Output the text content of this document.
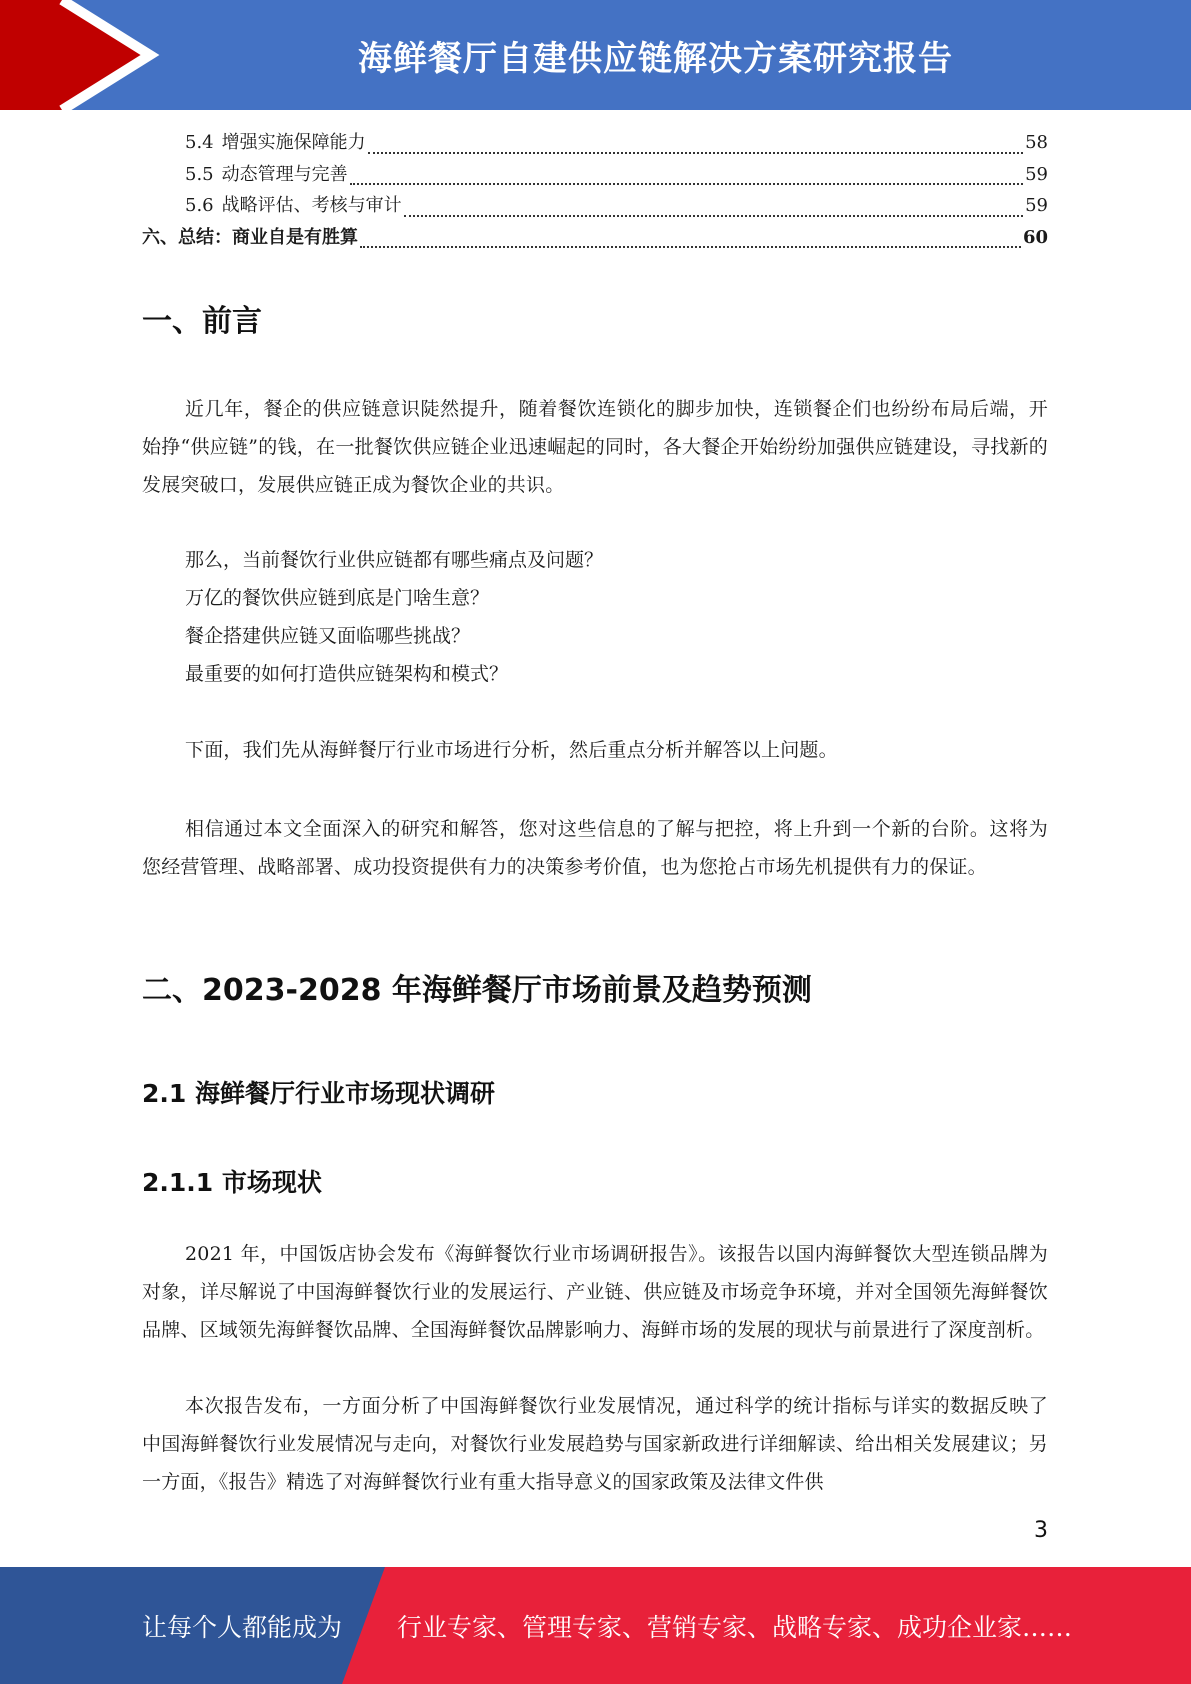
海鲜餐厅自建供应链解决方案研究报告
5.4 增强实施保障能力	58
5.5 动态管理与完善	59
5.6 战略评估、考核与审计	59
六、总结：商业自是有胜算	60
一、前言
近几年，餐企的供应链意识陡然提升，随着餐饮连锁化的脚步加快，连锁餐企们也纷纷布局后端，开始挣“供应链”的钱，在一批餐饮供应链企业迅速崛起的同时，各大餐企开始纷纷加强供应链建设，寻找新的发展突破口，发展供应链正成为餐饮企业的共识。
那么，当前餐饮行业供应链都有哪些痛点及问题？
万亿的餐饮供应链到底是门啥生意？
餐企搭建供应链又面临哪些挑战？
最重要的如何打造供应链架构和模式？
下面，我们先从海鲜餐厅行业市场进行分析，然后重点分析并解答以上问题。
相信通过本文全面深入的研究和解答，您对这些信息的了解与把控，将上升到一个新的台阶。这将为您经营管理、战略部署、成功投资提供有力的决策参考价值，也为您抢占市场先机提供有力的保证。
二、2023-2028 年海鲜餐厅市场前景及趋势预测
2.1 海鲜餐厅行业市场现状调研
2.1.1 市场现状
2021 年，中国饭店协会发布《海鲜餐饮行业市场调研报告》。该报告以国内海鲜餐饮大型连锁品牌为对象，详尽解说了中国海鲜餐饮行业的发展运行、产业链、供应链及市场竞争环境，并对全国领先海鲜餐饮品牌、区域领先海鲜餐饮品牌、全国海鲜餐饮品牌影响力、海鲜市场的发展的现状与前景进行了深度剖析。
本次报告发布，一方面分析了中国海鲜餐饮行业发展情况，通过科学的统计指标与详实的数据反映了中国海鲜餐饮行业发展情况与走向，对餐饮行业发展趋势与国家新政进行详细解读、给出相关发展建议；另一方面，《报告》精选了对海鲜餐饮行业有重大指导意义的国家政策及法律文件供
3
让每个人都能成为 行业专家、管理专家、营销专家、战略专家、成功企业家……
